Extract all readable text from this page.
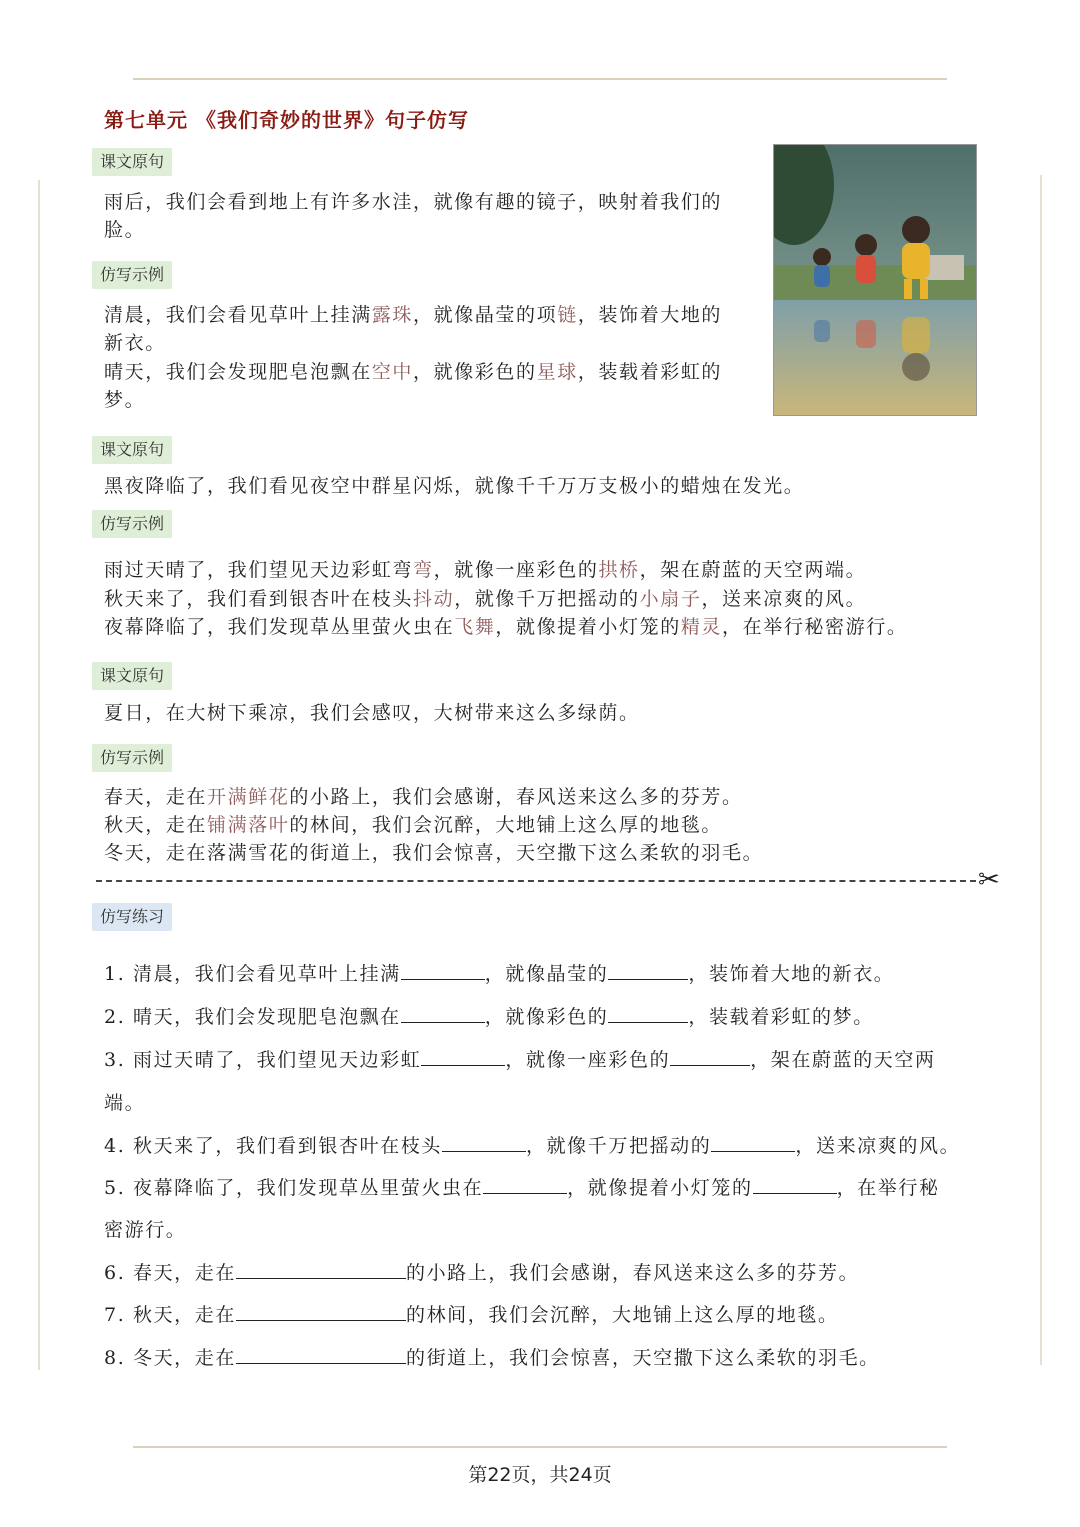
第七单元 《我们奇妙的世界》句子仿写
课文原句
雨后，我们会看到地上有许多水洼，就像有趣的镜子，映射着我们的
脸。
仿写示例
清晨，我们会看见草叶上挂满露珠，就像晶莹的项链，装饰着大地的
新衣。
晴天，我们会发现肥皂泡飘在空中，就像彩色的星球，装载着彩虹的
梦。
课文原句
黑夜降临了，我们看见夜空中群星闪烁，就像千千万万支极小的蜡烛在发光。
仿写示例
雨过天晴了，我们望见天边彩虹弯弯，就像一座彩色的拱桥，架在蔚蓝的天空两端。
秋天来了，我们看到银杏叶在枝头抖动，就像千万把摇动的小扇子，送来凉爽的风。
夜幕降临了，我们发现草丛里萤火虫在飞舞，就像提着小灯笼的精灵，在举行秘密游行。
课文原句
夏日，在大树下乘凉，我们会感叹，大树带来这么多绿荫。
仿写示例
春天，走在开满鲜花的小路上，我们会感谢，春风送来这么多的芬芳。
秋天，走在铺满落叶的林间，我们会沉醉，大地铺上这么厚的地毯。
冬天，走在落满雪花的街道上，我们会惊喜，天空撒下这么柔软的羽毛。
✂
仿写练习
1. 清晨，我们会看见草叶上挂满	，就像晶莹的	，装饰着大地的新衣。
2. 晴天，我们会发现肥皂泡飘在	，就像彩色的	，装载着彩虹的梦。
3. 雨过天晴了，我们望见天边彩虹	，就像一座彩色的	，架在蔚蓝的天空两
端。
4. 秋天来了，我们看到银杏叶在枝头	，就像千万把摇动的	，送来凉爽的风。
5. 夜幕降临了，我们发现草丛里萤火虫在	，就像提着小灯笼的	，在举行秘
密游行。
6. 春天，走在	的小路上，我们会感谢，春风送来这么多的芬芳。
7. 秋天，走在	的林间，我们会沉醉，大地铺上这么厚的地毯。
8. 冬天，走在	的街道上，我们会惊喜，天空撒下这么柔软的羽毛。
第22页，共24页
